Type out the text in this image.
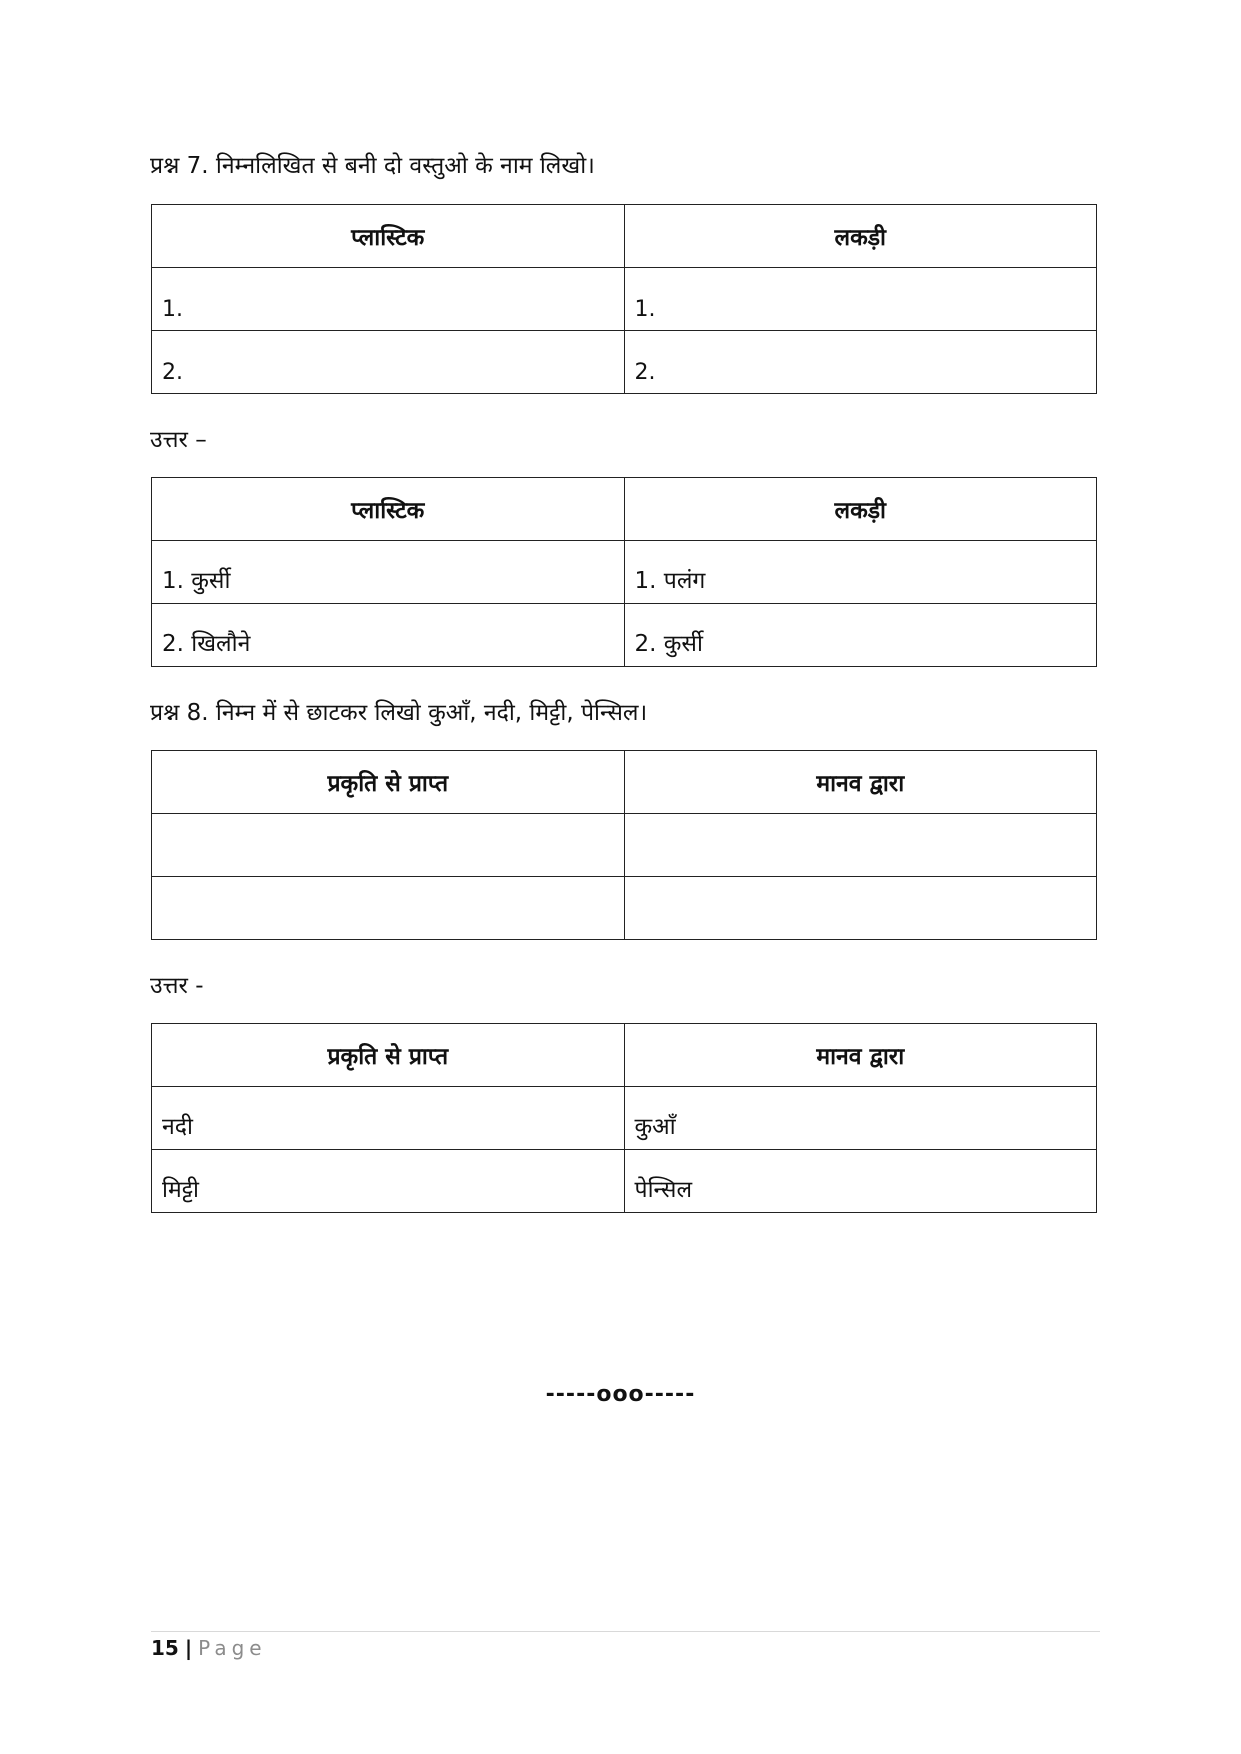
प्रश्न 7. निम्नलिखित से बनी दो वस्तुओ के नाम लिखो।
प्लास्टिक	लकड़ी
1.	1.
2.	2.
उत्तर –
प्लास्टिक	लकड़ी
1. कुर्सी	1. पलंग
2. खिलौने	2. कुर्सी
प्रश्न 8. निम्न में से छाटकर लिखो कुआँ, नदी, मिट्टी, पेन्सिल।
प्रकृति से प्राप्त	मानव द्वारा

उत्तर -
प्रकृति से प्राप्त	मानव द्वारा
नदी	कुआँ
मिट्टी	पेन्सिल
-----ooo-----
15 | Page
